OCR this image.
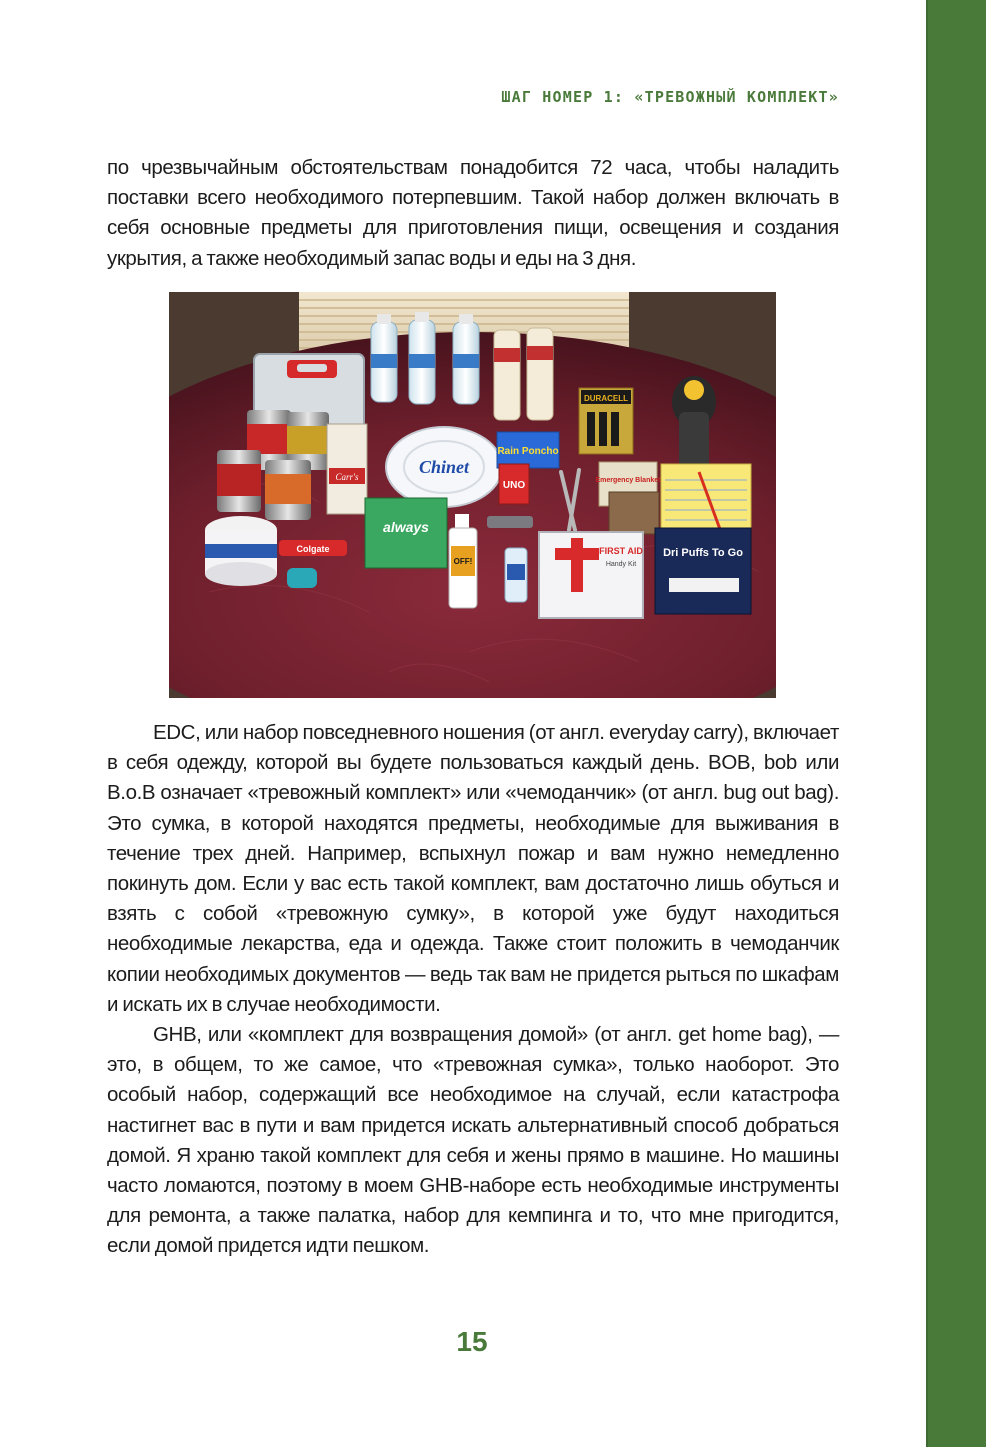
ШАГ НОМЕР 1: «ТРЕВОЖНЫЙ КОМПЛЕКТ»

по чрезвычайным обстоятельствам понадобится 72 часа, чтобы наладить поставки всего необходимого потерпевшим. Такой набор должен включать в себя основные предметы для приготовления пищи, освещения и создания укрытия, а также необходимый запас воды и еды на 3 дня.

Carr's	Chinet
Rain Poncho
DURACELL
UNO	Emergency Blanket
always
Colgate
OFF!
FIRST AID
Handy Kit
Dri Puffs To Go

EDC, или набор повседневного ношения (от англ. everyday carry), включает в себя одежду, которой вы будете пользоваться каждый день. BOB, bob или B.o.B означает «тревожный комплект» или «чемоданчик» (от англ. bug out bag). Это сумка, в которой находятся предметы, необходимые для выживания в течение трех дней. Например, вспыхнул пожар и вам нужно немедленно покинуть дом. Если у вас есть такой комплект, вам достаточно лишь обуться и взять с собой «тревожную сумку», в которой уже будут находиться необходимые лекарства, еда и одежда. Также стоит положить в чемоданчик копии необходимых документов — ведь так вам не придется рыться по шкафам и искать их в случае необходимости.

GHB, или «комплект для возвращения домой» (от англ. get home bag), — это, в общем, то же самое, что «тревожная сумка», только наоборот. Это особый набор, содержащий все необходимое на случай, если катастрофа настигнет вас в пути и вам придется искать альтернативный способ добраться домой. Я храню такой комплект для себя и жены прямо в машине. Но машины часто ломаются, поэтому в моем GHB-наборе есть необходимые инструменты для ремонта, а также палатка, набор для кемпинга и то, что мне пригодится, если домой придется идти пешком.

15
